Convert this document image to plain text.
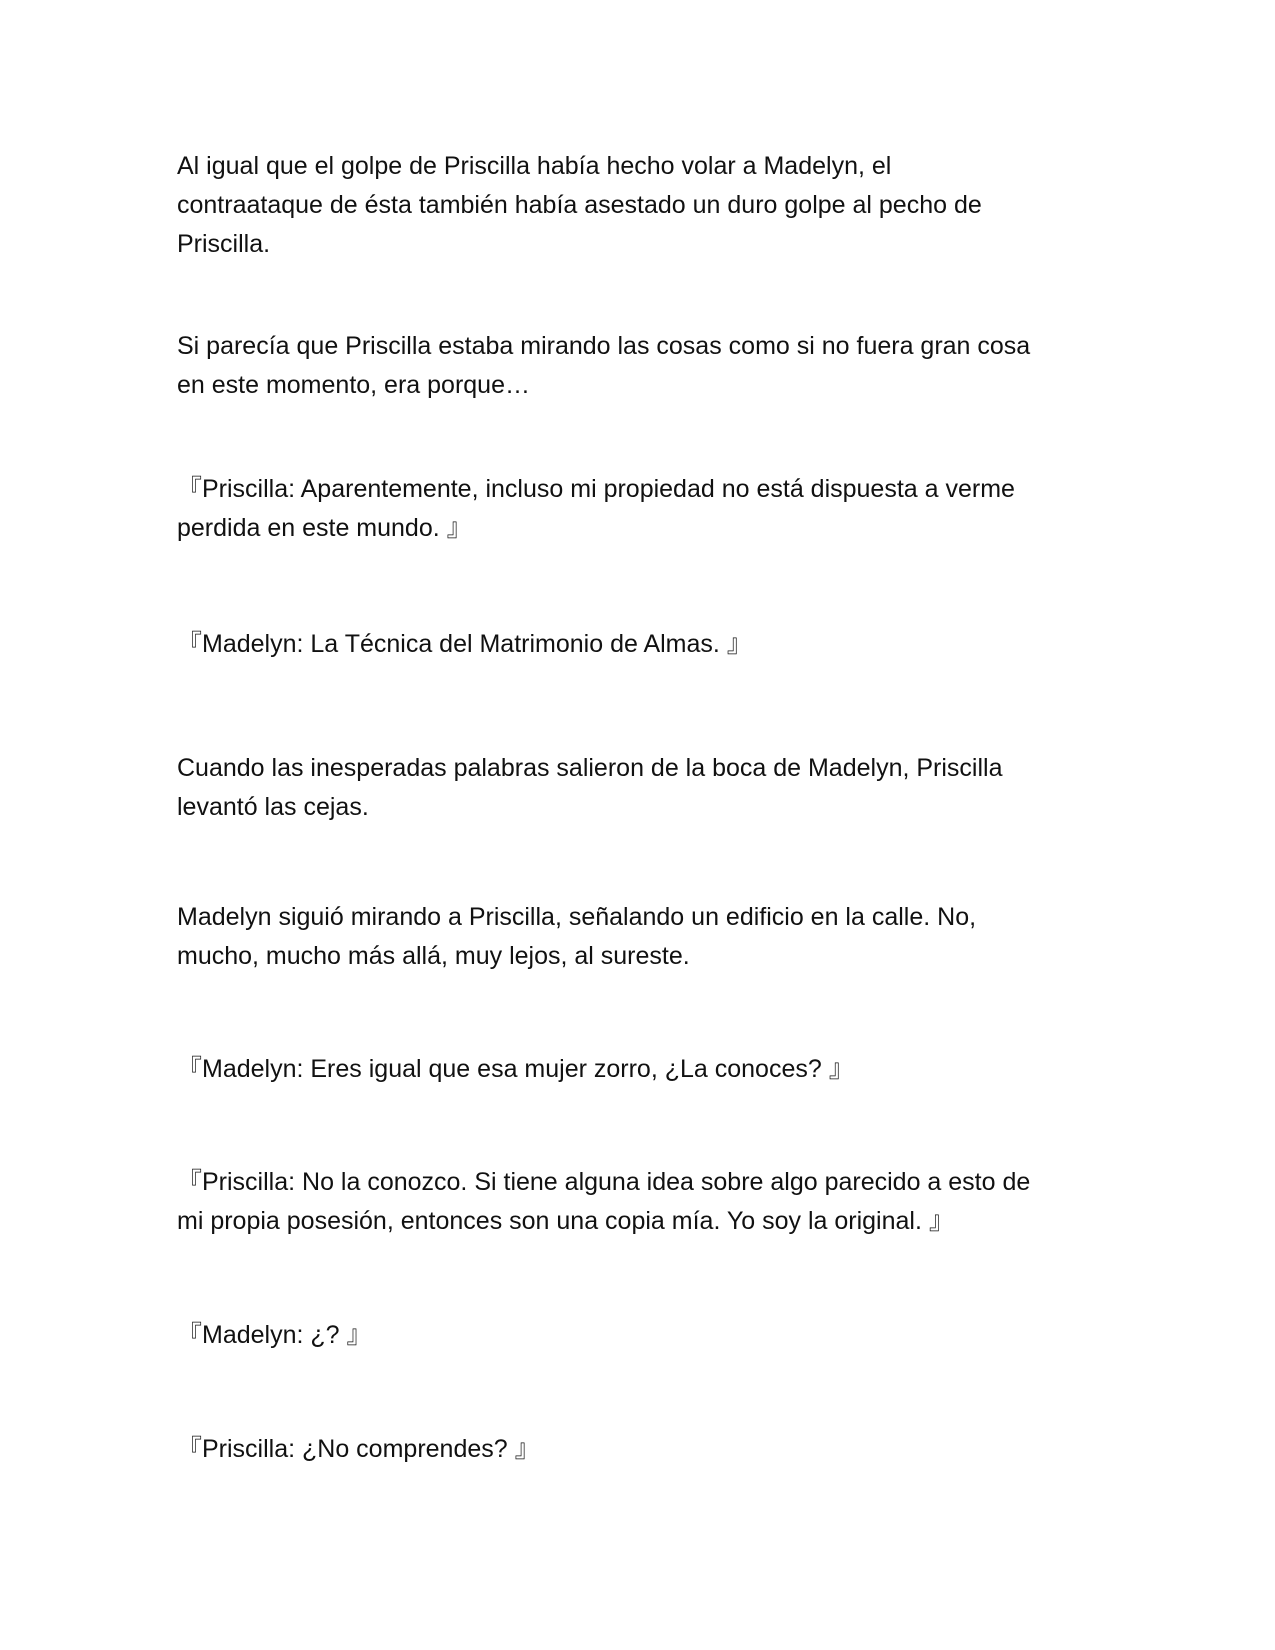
Al igual que el golpe de Priscilla había hecho volar a Madelyn, el
contraataque de ésta también había asestado un duro golpe al pecho de
Priscilla.

Si parecía que Priscilla estaba mirando las cosas como si no fuera gran cosa
en este momento, era porque…

『Priscilla: Aparentemente, incluso mi propiedad no está dispuesta a verme
perdida en este mundo. 』

『Madelyn: La Técnica del Matrimonio de Almas. 』

Cuando las inesperadas palabras salieron de la boca de Madelyn, Priscilla
levantó las cejas.

Madelyn siguió mirando a Priscilla, señalando un edificio en la calle. No,
mucho, mucho más allá, muy lejos, al sureste.

『Madelyn: Eres igual que esa mujer zorro, ¿La conoces? 』

『Priscilla: No la conozco. Si tiene alguna idea sobre algo parecido a esto de
mi propia posesión, entonces son una copia mía. Yo soy la original. 』

『Madelyn: ¿? 』

『Priscilla: ¿No comprendes? 』
